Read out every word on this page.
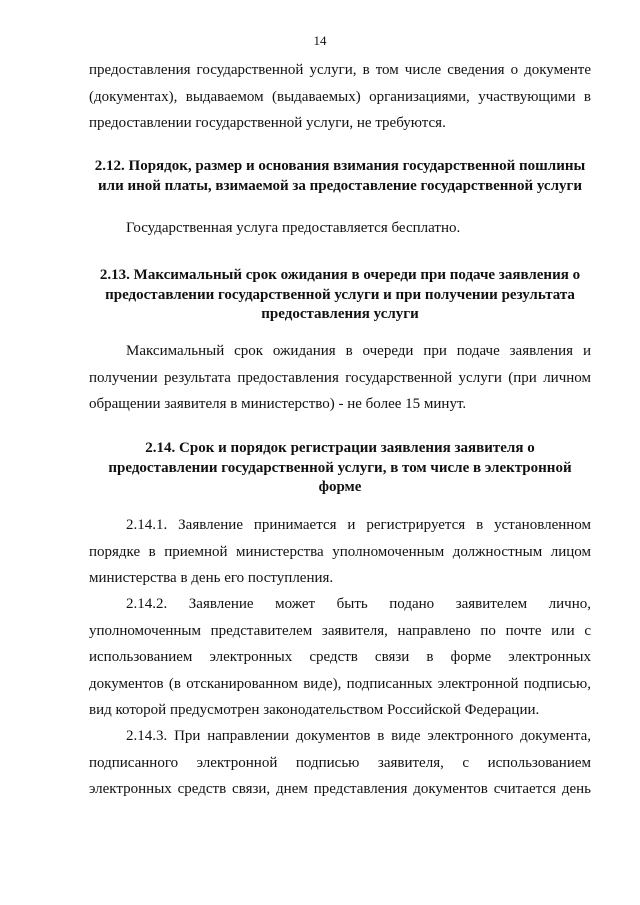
14
предоставления государственной услуги, в том числе сведения о документе
(документах), выдаваемом (выдаваемых) организациями, участвующими в
предоставлении государственной услуги, не требуются.
2.12. Порядок, размер и основания взимания государственной пошлины
или иной платы, взимаемой за предоставление государственной услуги
Государственная услуга предоставляется бесплатно.
2.13. Максимальный срок ожидания в очереди при подаче заявления о
предоставлении государственной услуги и при получении результата
предоставления услуги
Максимальный срок ожидания в очереди при подаче заявления и
получении результата предоставления государственной услуги (при личном
обращении заявителя в министерство) - не более 15 минут.
2.14. Срок и порядок регистрации заявления заявителя о
предоставлении государственной услуги, в том числе в электронной
форме
2.14.1. Заявление принимается и регистрируется в установленном
порядке в приемной министерства уполномоченным должностным лицом
министерства в день его поступления.
2.14.2. Заявление может быть подано заявителем лично,
уполномоченным представителем заявителя, направлено по почте или с
использованием электронных средств связи в форме электронных
документов (в отсканированном виде), подписанных электронной подписью,
вид которой предусмотрен законодательством Российской Федерации.
2.14.3. При направлении документов в виде электронного документа,
подписанного электронной подписью заявителя, с использованием
электронных средств связи, днем представления документов считается день
